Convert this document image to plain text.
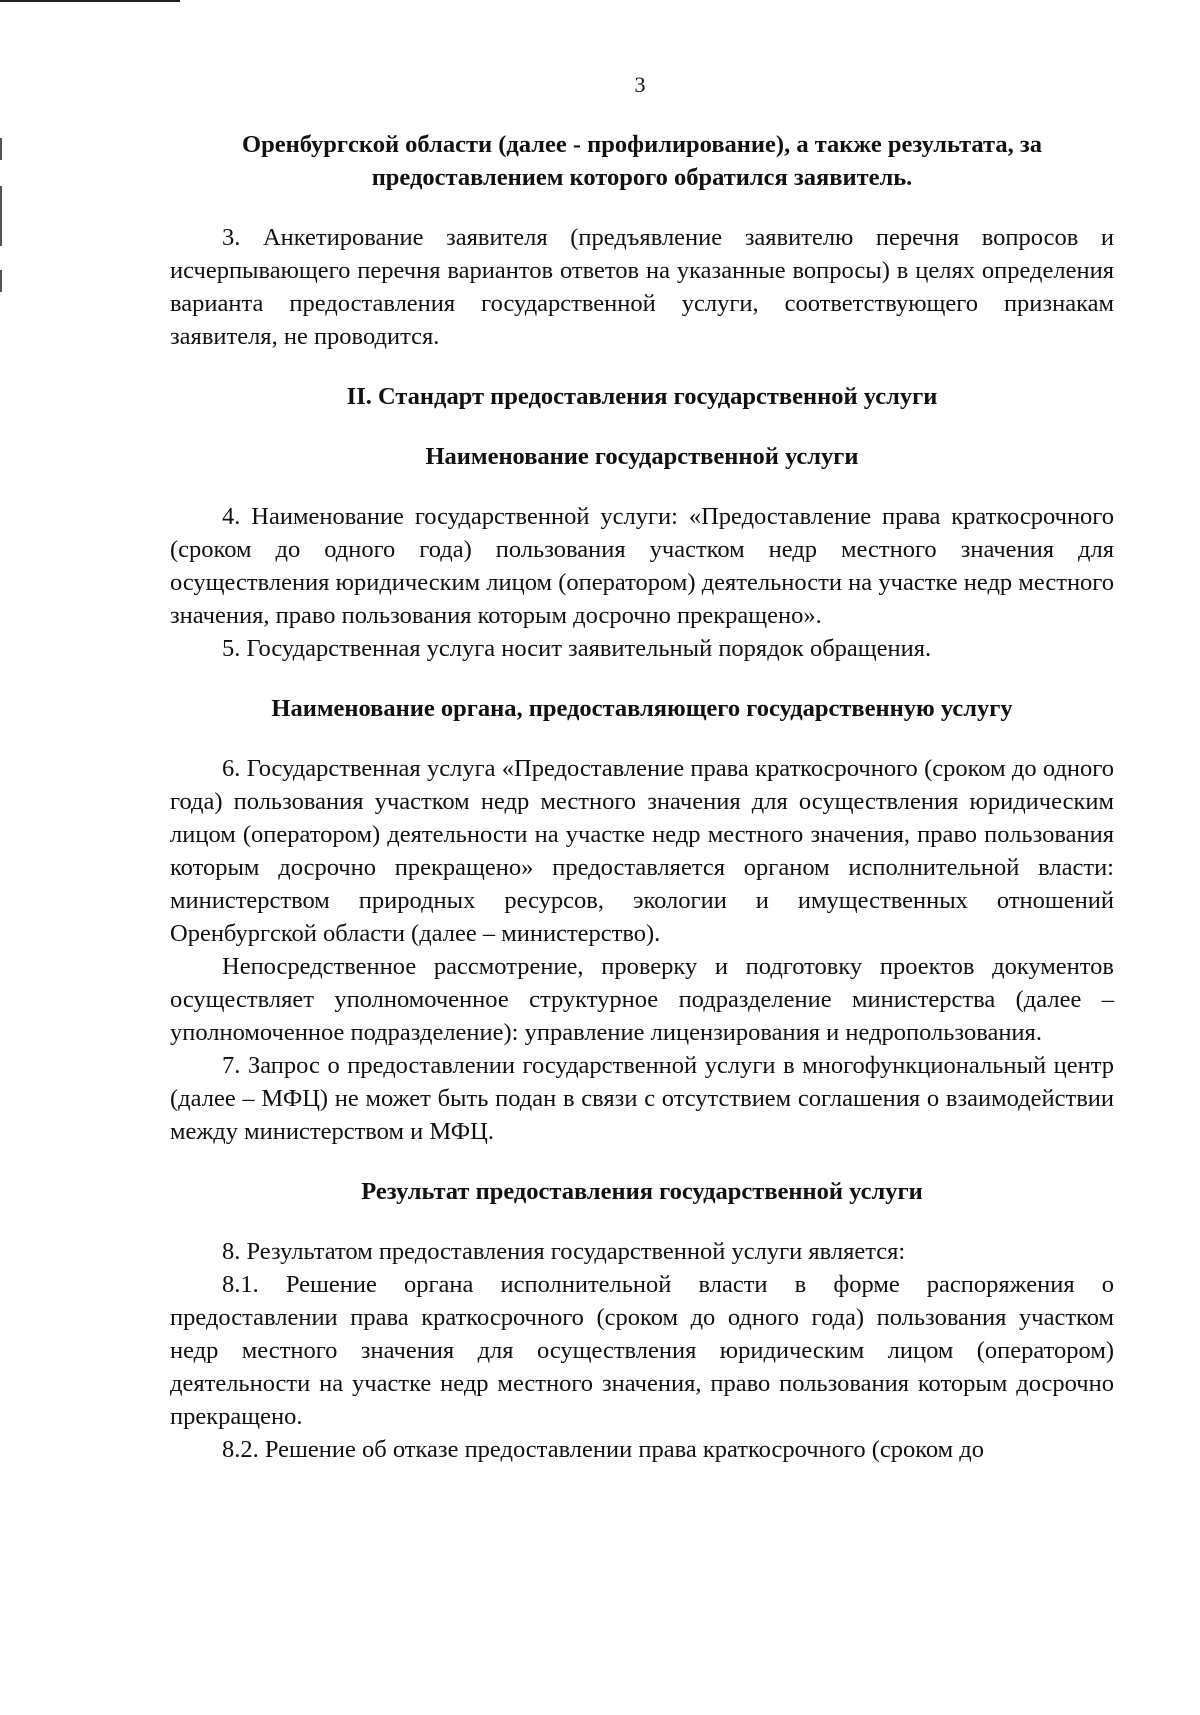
3

Оренбургской области (далее - профилирование), а также результата, за предоставлением которого обратился заявитель.

3. Анкетирование заявителя (предъявление заявителю перечня вопросов и исчерпывающего перечня вариантов ответов на указанные вопросы) в целях определения варианта предоставления государственной услуги, соответствующего признакам заявителя, не проводится.

II. Стандарт предоставления государственной услуги

Наименование государственной услуги

4. Наименование государственной услуги: «Предоставление права краткосрочного (сроком до одного года) пользования участком недр местного значения для осуществления юридическим лицом (оператором) деятельности на участке недр местного значения, право пользования которым досрочно прекращено».

5. Государственная услуга носит заявительный порядок обращения.

Наименование органа, предоставляющего государственную услугу

6. Государственная услуга «Предоставление права краткосрочного (сроком до одного года) пользования участком недр местного значения для осуществления юридическим лицом (оператором) деятельности на участке недр местного значения, право пользования которым досрочно прекращено» предоставляется органом исполнительной власти: министерством природных ресурсов, экологии и имущественных отношений Оренбургской области (далее – министерство).

Непосредственное рассмотрение, проверку и подготовку проектов документов осуществляет уполномоченное структурное подразделение министерства (далее – уполномоченное подразделение): управление лицензирования и недропользования.

7. Запрос о предоставлении государственной услуги в многофункциональный центр (далее – МФЦ) не может быть подан в связи с отсутствием соглашения о взаимодействии между министерством и МФЦ.

Результат предоставления государственной услуги

8. Результатом предоставления государственной услуги является:

8.1. Решение органа исполнительной власти в форме распоряжения о предоставлении права краткосрочного (сроком до одного года) пользования участком недр местного значения для осуществления юридическим лицом (оператором) деятельности на участке недр местного значения, право пользования которым досрочно прекращено.

8.2. Решение об отказе предоставлении права краткосрочного (сроком до
